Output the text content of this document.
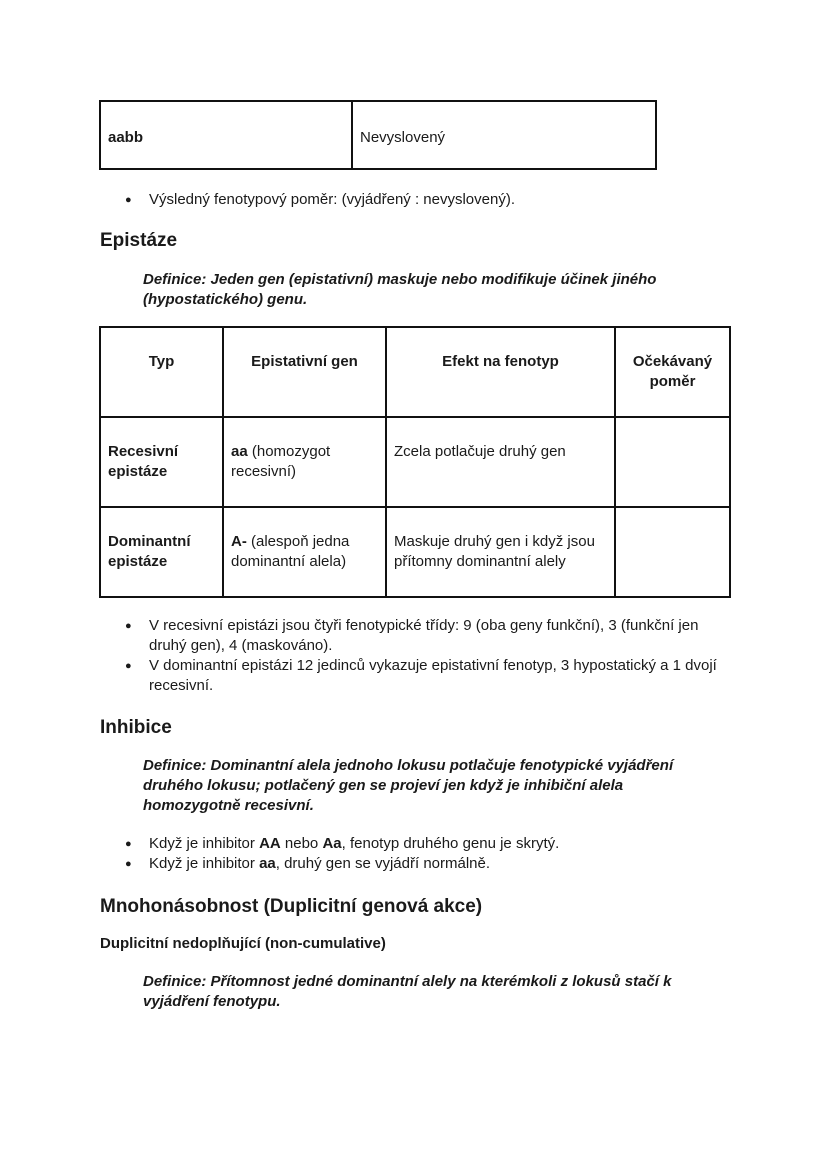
aabb	Nevyslovený
● Výsledný fenotypový poměr: (vyjádřený : nevyslovený).
Epistáze
Definice: Jeden gen (epistativní) maskuje nebo modifikuje účinek jiného (hypostatického) genu.
Typ	Epistativní gen	Efekt na fenotyp	Očekávaný poměr
Recesivní epistáze	aa (homozygot recesivní)	Zcela potlačuje druhý gen	
Dominantní epistáze	A- (alespoň jedna dominantní alela)	Maskuje druhý gen i když jsou přítomny dominantní alely	
● V recesivní epistázi jsou čtyři fenotypické třídy: 9 (oba geny funkční), 3 (funkční jen druhý gen), 4 (maskováno).
● V dominantní epistázi 12 jedinců vykazuje epistativní fenotyp, 3 hypostatický a 1 dvojí recesivní.
Inhibice
Definice: Dominantní alela jednoho lokusu potlačuje fenotypické vyjádření druhého lokusu; potlačený gen se projeví jen když je inhibiční alela homozygotně recesivní.
● Když je inhibitor AA nebo Aa, fenotyp druhého genu je skrytý.
● Když je inhibitor aa, druhý gen se vyjádří normálně.
Mnohonásobnost (Duplicitní genová akce)
Duplicitní nedoplňující (non-cumulative)
Definice: Přítomnost jedné dominantní alely na kterémkoli z lokusů stačí k vyjádření fenotypu.
